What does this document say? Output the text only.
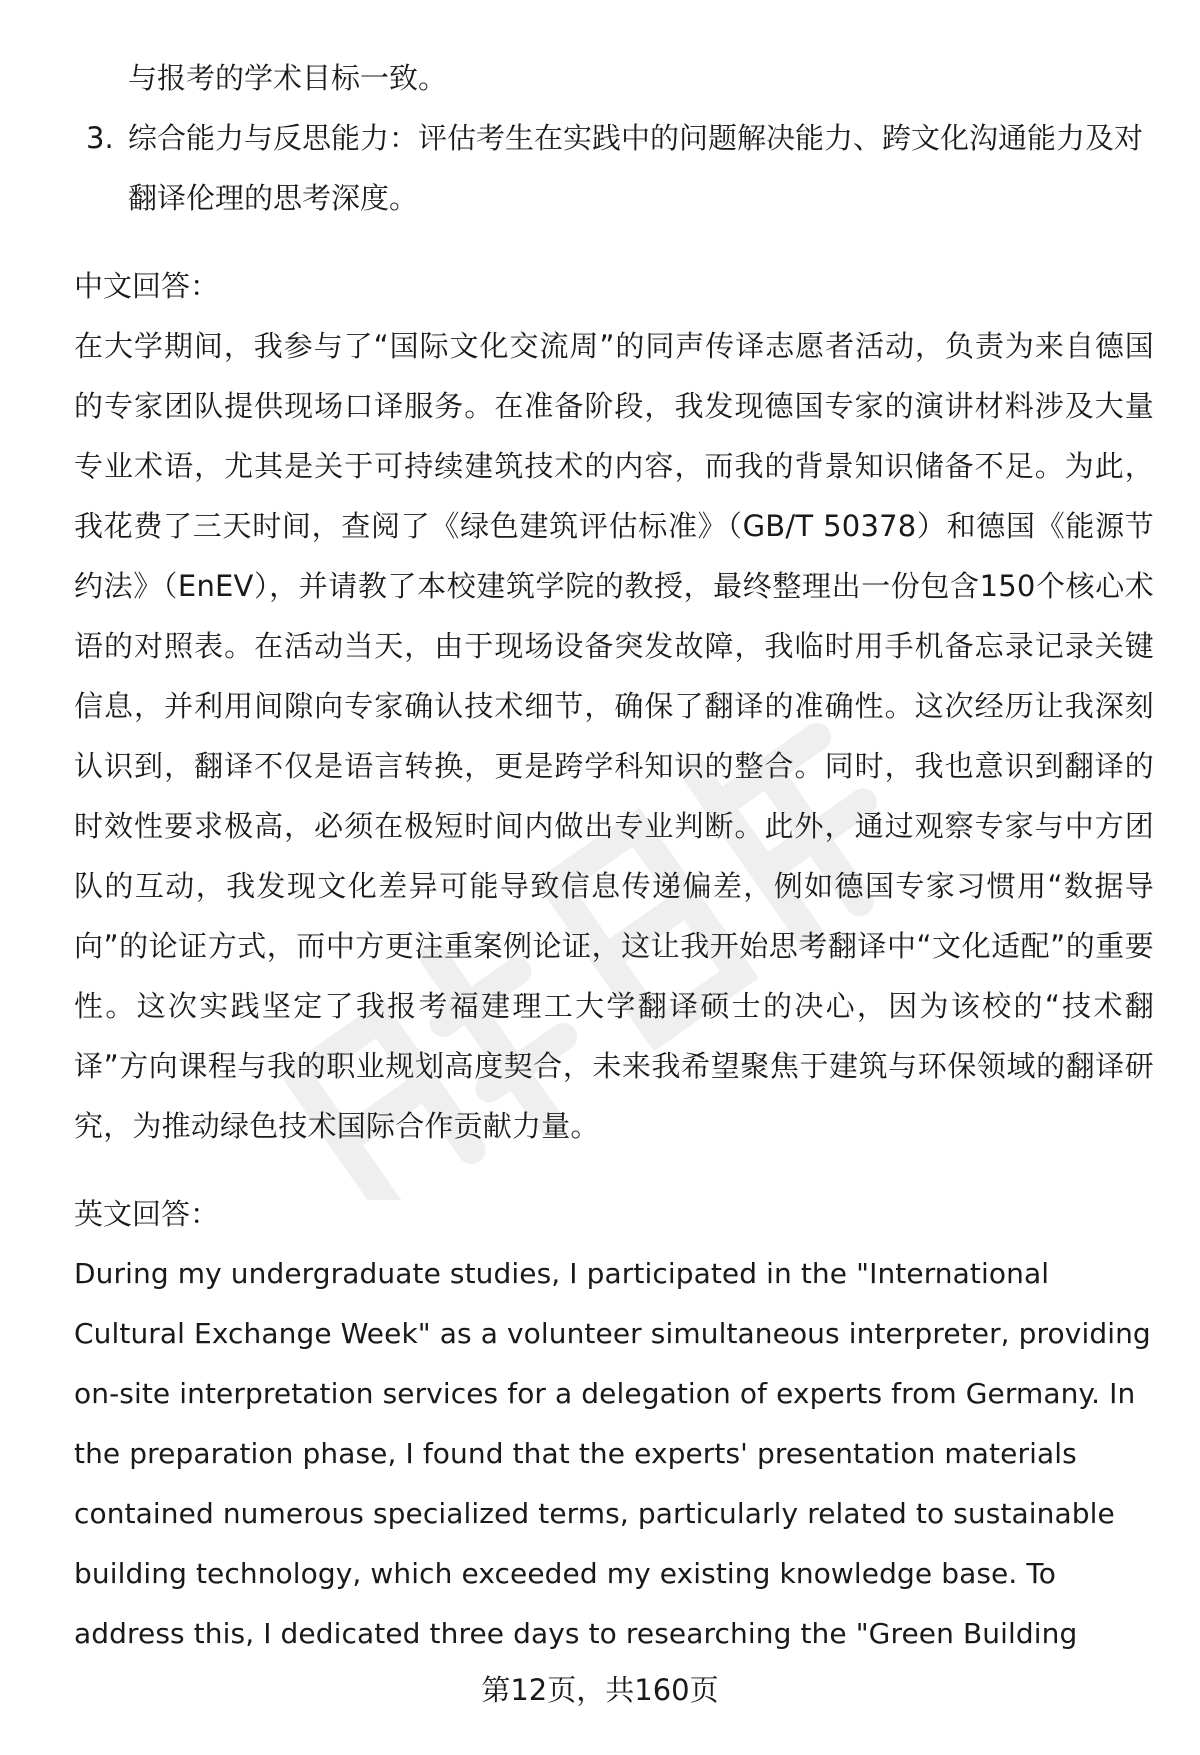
与报考的学术目标一致。

3. 综合能力与反思能力：评估考生在实践中的问题解决能力、跨文化沟通能力及对翻译伦理的思考深度。

中文回答：

在大学期间，我参与了“国际文化交流周”的同声传译志愿者活动，负责为来自德国的专家团队提供现场口译服务。在准备阶段，我发现德国专家的演讲材料涉及大量专业术语，尤其是关于可持续建筑技术的内容，而我的背景知识储备不足。为此，我花费了三天时间，查阅了《绿色建筑评估标准》（GB/T 50378）和德国《能源节约法》（EnEV），并请教了本校建筑学院的教授，最终整理出一份包含150个核心术语的对照表。在活动当天，由于现场设备突发故障，我临时用手机备忘录记录关键信息，并利用间隙向专家确认技术细节，确保了翻译的准确性。这次经历让我深刻认识到，翻译不仅是语言转换，更是跨学科知识的整合。同时，我也意识到翻译的时效性要求极高，必须在极短时间内做出专业判断。此外，通过观察专家与中方团队的互动，我发现文化差异可能导致信息传递偏差，例如德国专家习惯用“数据导向”的论证方式，而中方更注重案例论证，这让我开始思考翻译中“文化适配”的重要性。这次实践坚定了我报考福建理工大学翻译硕士的决心，因为该校的“技术翻译”方向课程与我的职业规划高度契合，未来我希望聚焦于建筑与环保领域的翻译研究，为推动绿色技术国际合作贡献力量。

英文回答：

During my undergraduate studies, I participated in the "International Cultural Exchange Week" as a volunteer simultaneous interpreter, providing on-site interpretation services for a delegation of experts from Germany. In the preparation phase, I found that the experts' presentation materials contained numerous specialized terms, particularly related to sustainable building technology, which exceeded my existing knowledge base. To address this, I dedicated three days to researching the "Green Building

第12页，共160页
